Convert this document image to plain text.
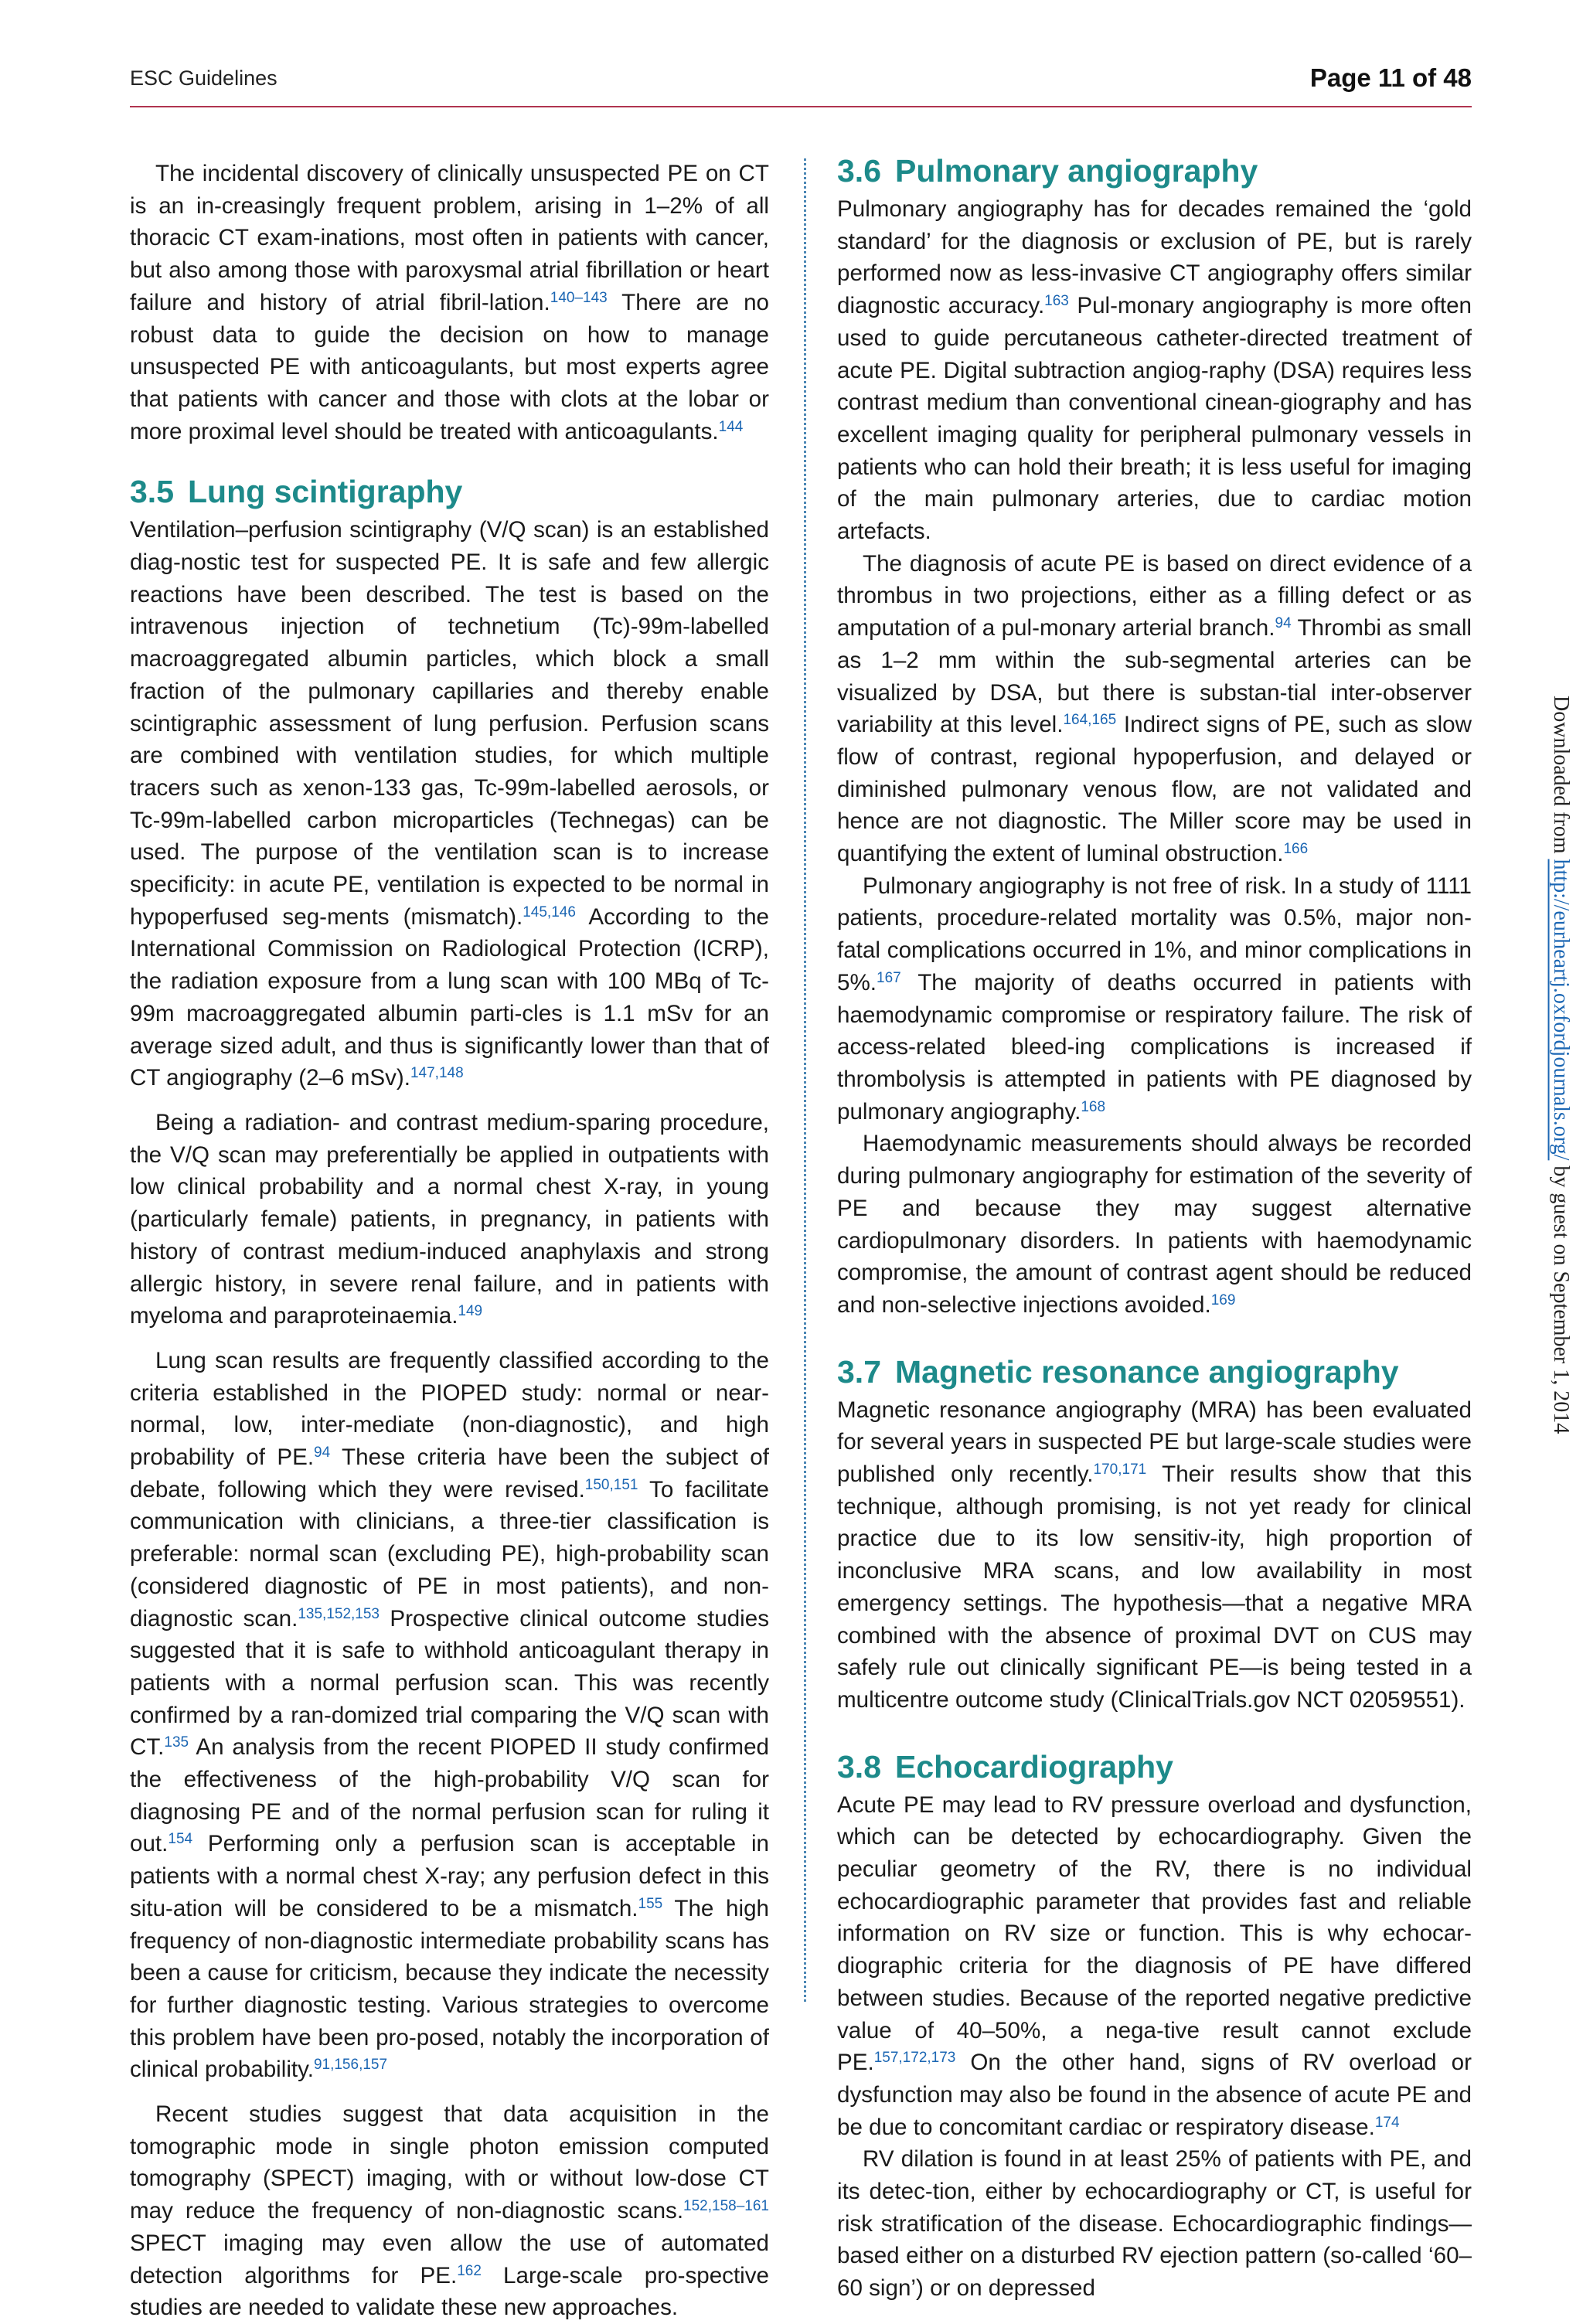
ESC Guidelines	Page 11 of 48

The incidental discovery of clinically unsuspected PE on CT is an in-creasingly frequent problem, arising in 1–2% of all thoracic CT exam-inations, most often in patients with cancer, but also among those with paroxysmal atrial fibrillation or heart failure and history of atrial fibril-lation.$^{140-143}$ There are no robust data to guide the decision on how to manage unsuspected PE with anticoagulants, but most experts agree that patients with cancer and those with clots at the lobar or more proximal level should be treated with anticoagulants.$^{144}$

3.5 Lung scintigraphy

Ventilation–perfusion scintigraphy (V/Q scan) is an established diag-nostic test for suspected PE. It is safe and few allergic reactions have been described. The test is based on the intravenous injection of technetium (Tc)-99m-labelled macroaggregated albumin particles, which block a small fraction of the pulmonary capillaries and thereby enable scintigraphic assessment of lung perfusion. Perfusion scans are combined with ventilation studies, for which multiple tracers such as xenon-133 gas, Tc-99m-labelled aerosols, or Tc-99m-labelled carbon microparticles (Technegas) can be used. The purpose of the ventilation scan is to increase specificity: in acute PE, ventilation is expected to be normal in hypoperfused seg-ments (mismatch).$^{145,146}$ According to the International Commission on Radiological Protection (ICRP), the radiation exposure from a lung scan with 100 MBq of Tc-99m macroaggregated albumin parti-cles is 1.1 mSv for an average sized adult, and thus is significantly lower than that of CT angiography (2–6 mSv).$^{147,148}$

Being a radiation- and contrast medium-sparing procedure, the V/Q scan may preferentially be applied in outpatients with low clinical probability and a normal chest X-ray, in young (particularly female) patients, in pregnancy, in patients with history of contrast medium-induced anaphylaxis and strong allergic history, in severe renal failure, and in patients with myeloma and paraproteinaemia.$^{149}$

Lung scan results are frequently classified according to the criteria established in the PIOPED study: normal or near-normal, low, inter-mediate (non-diagnostic), and high probability of PE.$^{94}$ These criteria have been the subject of debate, following which they were revised.$^{150,151}$ To facilitate communication with clinicians, a three-tier classification is preferable: normal scan (excluding PE), high-probability scan (considered diagnostic of PE in most patients), and non-diagnostic scan.$^{135,152,153}$ Prospective clinical outcome studies suggested that it is safe to withhold anticoagulant therapy in patients with a normal perfusion scan. This was recently confirmed by a ran-domized trial comparing the V/Q scan with CT.$^{135}$ An analysis from the recent PIOPED II study confirmed the effectiveness of the high-probability V/Q scan for diagnosing PE and of the normal perfusion scan for ruling it out.$^{154}$ Performing only a perfusion scan is acceptable in patients with a normal chest X-ray; any perfusion defect in this situ-ation will be considered to be a mismatch.$^{155}$ The high frequency of non-diagnostic intermediate probability scans has been a cause for criticism, because they indicate the necessity for further diagnostic testing. Various strategies to overcome this problem have been pro-posed, notably the incorporation of clinical probability.$^{91,156,157}$

Recent studies suggest that data acquisition in the tomographic mode in single photon emission computed tomography (SPECT) imaging, with or without low-dose CT may reduce the frequency of non-diagnostic scans.$^{152,158-161}$ SPECT imaging may even allow the use of automated detection algorithms for PE.$^{162}$ Large-scale pro-spective studies are needed to validate these new approaches.

3.6 Pulmonary angiography

Pulmonary angiography has for decades remained the ‘gold standard’ for the diagnosis or exclusion of PE, but is rarely performed now as less-invasive CT angiography offers similar diagnostic accuracy.$^{163}$ Pul-monary angiography is more often used to guide percutaneous catheter-directed treatment of acute PE. Digital subtraction angiog-raphy (DSA) requires less contrast medium than conventional cinean-giography and has excellent imaging quality for peripheral pulmonary vessels in patients who can hold their breath; it is less useful for imaging of the main pulmonary arteries, due to cardiac motion artefacts.

The diagnosis of acute PE is based on direct evidence of a thrombus in two projections, either as a filling defect or as amputation of a pul-monary arterial branch.$^{94}$ Thrombi as small as 1–2 mm within the sub-segmental arteries can be visualized by DSA, but there is substan-tial inter-observer variability at this level.$^{164,165}$ Indirect signs of PE, such as slow flow of contrast, regional hypoperfusion, and delayed or diminished pulmonary venous flow, are not validated and hence are not diagnostic. The Miller score may be used in quantifying the extent of luminal obstruction.$^{166}$

Pulmonary angiography is not free of risk. In a study of 1111 patients, procedure-related mortality was 0.5%, major non-fatal complications occurred in 1%, and minor complications in 5%.$^{167}$ The majority of deaths occurred in patients with haemodynamic compromise or respiratory failure. The risk of access-related bleed-ing complications is increased if thrombolysis is attempted in patients with PE diagnosed by pulmonary angiography.$^{168}$

Haemodynamic measurements should always be recorded during pulmonary angiography for estimation of the severity of PE and because they may suggest alternative cardiopulmonary disorders. In patients with haemodynamic compromise, the amount of contrast agent should be reduced and non-selective injections avoided.$^{169}$

3.7 Magnetic resonance angiography

Magnetic resonance angiography (MRA) has been evaluated for several years in suspected PE but large-scale studies were published only recently.$^{170,171}$ Their results show that this technique, although promising, is not yet ready for clinical practice due to its low sensitiv-ity, high proportion of inconclusive MRA scans, and low availability in most emergency settings. The hypothesis—that a negative MRA combined with the absence of proximal DVT on CUS may safely rule out clinically significant PE—is being tested in a multicentre outcome study (ClinicalTrials.gov NCT 02059551).

3.8 Echocardiography

Acute PE may lead to RV pressure overload and dysfunction, which can be detected by echocardiography. Given the peculiar geometry of the RV, there is no individual echocardiographic parameter that provides fast and reliable information on RV size or function. This is why echocar-diographic criteria for the diagnosis of PE have differed between studies. Because of the reported negative predictive value of 40–50%, a nega-tive result cannot exclude PE.$^{157,172,173}$ On the other hand, signs of RV overload or dysfunction may also be found in the absence of acute PE and be due to concomitant cardiac or respiratory disease.$^{174}$

RV dilation is found in at least 25% of patients with PE, and its detec-tion, either by echocardiography or CT, is useful for risk stratification of the disease. Echocardiographic findings—based either on a disturbed RV ejection pattern (so-called ‘60–60 sign’) or on depressed

Downloaded from http://eurheartj.oxfordjournals.org/ by guest on September 1, 2014
